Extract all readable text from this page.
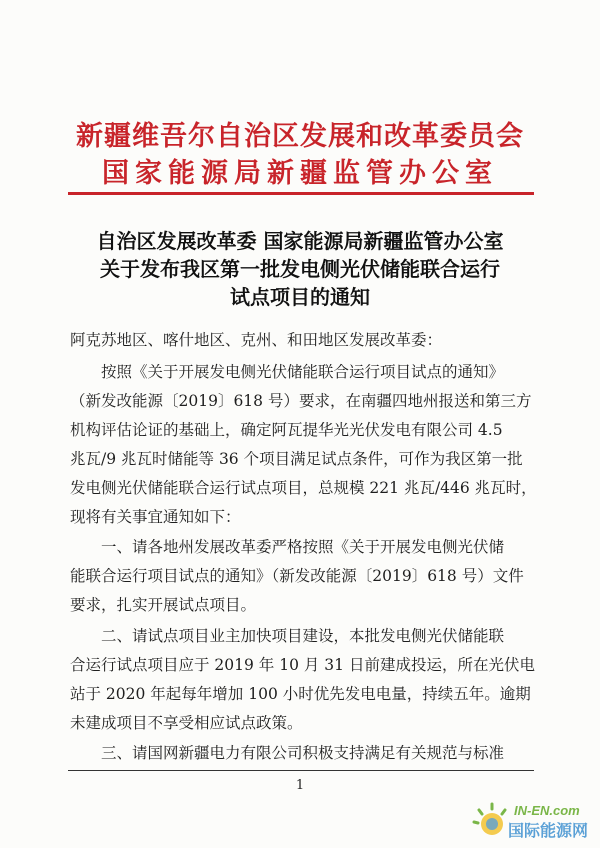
新疆维吾尔自治区发展和改革委员会
国家能源局新疆监管办公室
自治区发展改革委 国家能源局新疆监管办公室
关于发布我区第一批发电侧光伏储能联合运行
试点项目的通知
阿克苏地区、喀什地区、克州、和田地区发展改革委：
　　按照《关于开展发电侧光伏储能联合运行项目试点的通知》
（新发改能源〔2019〕618 号）要求，在南疆四地州报送和第三方
机构评估论证的基础上，确定阿瓦提华光光伏发电有限公司 4.5
兆瓦/9 兆瓦时储能等 36 个项目满足试点条件，可作为我区第一批
发电侧光伏储能联合运行试点项目，总规模 221 兆瓦/446 兆瓦时，
现将有关事宜通知如下：
　　一、请各地州发展改革委严格按照《关于开展发电侧光伏储
能联合运行项目试点的通知》（新发改能源〔2019〕618 号）文件
要求，扎实开展试点项目。
　　二、请试点项目业主加快项目建设，本批发电侧光伏储能联
合运行试点项目应于 2019 年 10 月 31 日前建成投运，所在光伏电
站于 2020 年起每年增加 100 小时优先发电电量，持续五年。逾期
未建成项目不享受相应试点政策。
　　三、请国网新疆电力有限公司积极支持满足有关规范与标准
1
IN-EN.com
国际能源网
